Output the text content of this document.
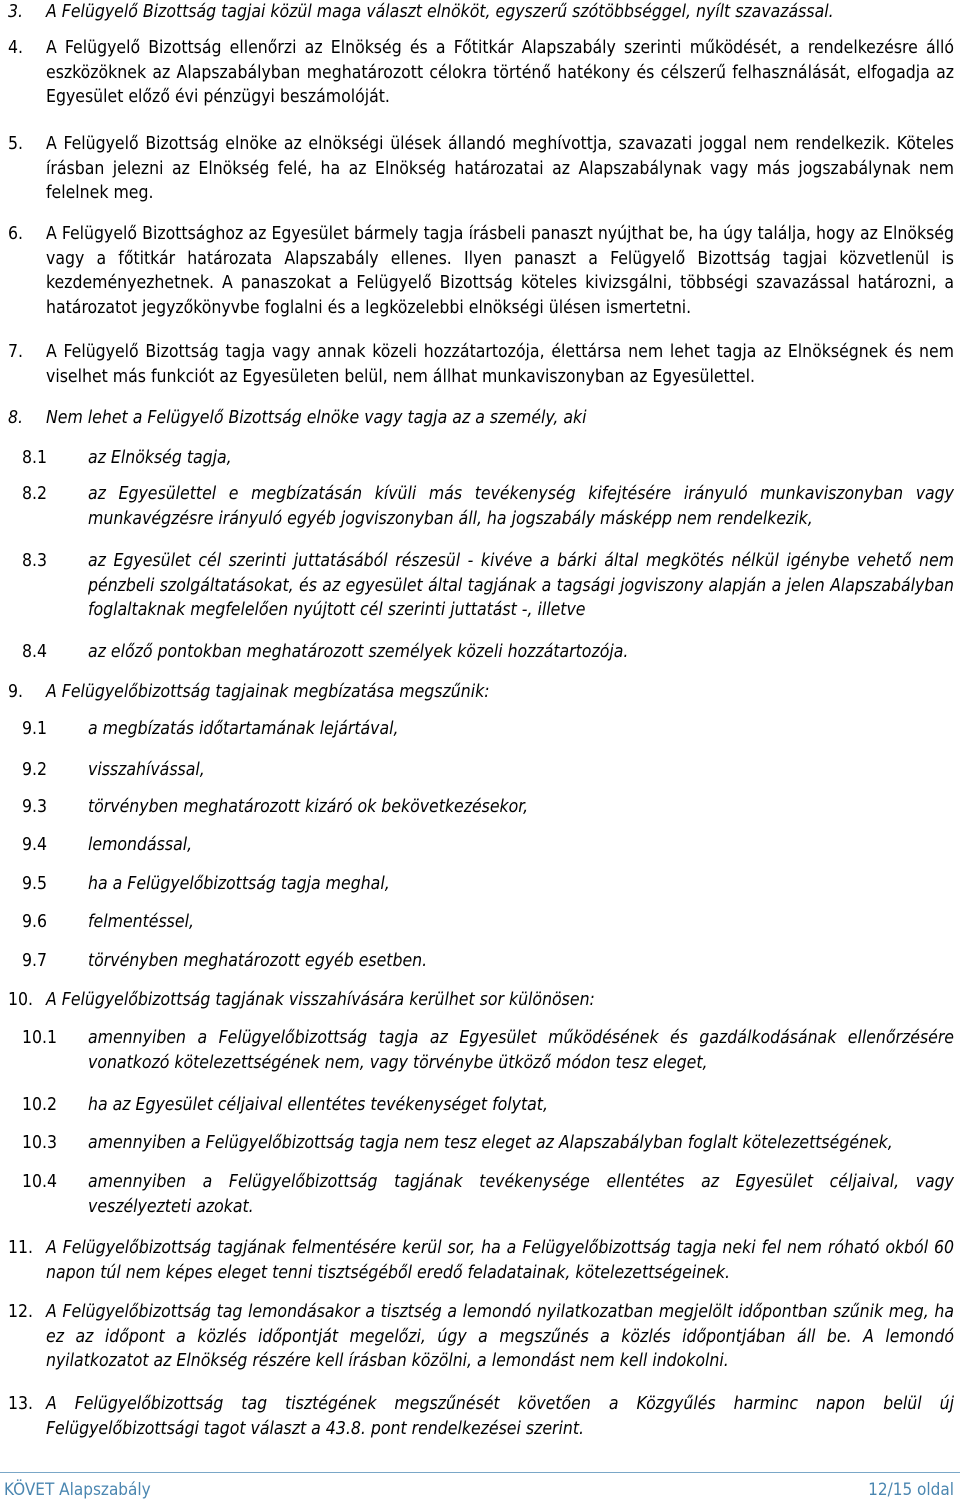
3. A Felügyelő Bizottság tagjai közül maga választ elnököt, egyszerű szótöbbséggel, nyílt szavazással.
4. A Felügyelő Bizottság ellenőrzi az Elnökség és a Főtitkár Alapszabály szerinti működését, a rendelkezésre álló eszközöknek az Alapszabályban meghatározott célokra történő hatékony és célszerű felhasználását, elfogadja az Egyesület előző évi pénzügyi beszámolóját.
5. A Felügyelő Bizottság elnöke az elnökségi ülések állandó meghívottja, szavazati joggal nem rendelkezik. Köteles írásban jelezni az Elnökség felé, ha az Elnökség határozatai az Alapszabálynak vagy más jogszabálynak nem felelnek meg.
6. A Felügyelő Bizottsághoz az Egyesület bármely tagja írásbeli panaszt nyújthat be, ha úgy találja, hogy az Elnökség vagy a főtitkár határozata Alapszabály ellenes. Ilyen panaszt a Felügyelő Bizottság tagjai közvetlenül is kezdeményezhetnek. A panaszokat a Felügyelő Bizottság köteles kivizsgálni, többségi szavazással határozni, a határozatot jegyzőkönyvbe foglalni és a legközelebbi elnökségi ülésen ismertetni.
7. A Felügyelő Bizottság tagja vagy annak közeli hozzátartozója, élettársa nem lehet tagja az Elnökségnek és nem viselhet más funkciót az Egyesületen belül, nem állhat munkaviszonyban az Egyesülettel.
8. Nem lehet a Felügyelő Bizottság elnöke vagy tagja az a személy, aki
8.1 az Elnökség tagja,
8.2 az Egyesülettel e megbízatásán kívüli más tevékenység kifejtésére irányuló munkaviszonyban vagy munkavégzésre irányuló egyéb jogviszonyban áll, ha jogszabály másképp nem rendelkezik,
8.3 az Egyesület cél szerinti juttatásából részesül - kivéve a bárki által megkötés nélkül igénybe vehető nem pénzbeli szolgáltatásokat, és az egyesület által tagjának a tagsági jogviszony alapján a jelen Alapszabályban foglaltaknak megfelelően nyújtott cél szerinti juttatást -, illetve
8.4 az előző pontokban meghatározott személyek közeli hozzátartozója.
9. A Felügyelőbizottság tagjainak megbízatása megszűnik:
9.1 a megbízatás időtartamának lejártával,
9.2 visszahívással,
9.3 törvényben meghatározott kizáró ok bekövetkezésekor,
9.4 lemondással,
9.5 ha a Felügyelőbizottság tagja meghal,
9.6 felmentéssel,
9.7 törvényben meghatározott egyéb esetben.
10. A Felügyelőbizottság tagjának visszahívására kerülhet sor különösen:
10.1 amennyiben a Felügyelőbizottság tagja az Egyesület működésének és gazdálkodásának ellenőrzésére vonatkozó kötelezettségének nem, vagy törvénybe ütköző módon tesz eleget,
10.2 ha az Egyesület céljaival ellentétes tevékenységet folytat,
10.3 amennyiben a Felügyelőbizottság tagja nem tesz eleget az Alapszabályban foglalt kötelezettségének,
10.4 amennyiben a Felügyelőbizottság tagjának tevékenysége ellentétes az Egyesület céljaival, vagy veszélyezteti azokat.
11. A Felügyelőbizottság tagjának felmentésére kerül sor, ha a Felügyelőbizottság tagja neki fel nem róható okból 60 napon túl nem képes eleget tenni tisztségéből eredő feladatainak, kötelezettségeinek.
12. A Felügyelőbizottság tag lemondásakor a tisztség a lemondó nyilatkozatban megjelölt időpontban szűnik meg, ha ez az időpont a közlés időpontját megelőzi, úgy a megszűnés a közlés időpontjában áll be. A lemondó nyilatkozatot az Elnökség részére kell írásban közölni, a lemondást nem kell indokolni.
13. A Felügyelőbizottság tag tisztégének megszűnését követően a Közgyűlés harminc napon belül új Felügyelőbizottsági tagot választ a 43.8. pont rendelkezései szerint.
KÖVET Alapszabály	12/15 oldal
